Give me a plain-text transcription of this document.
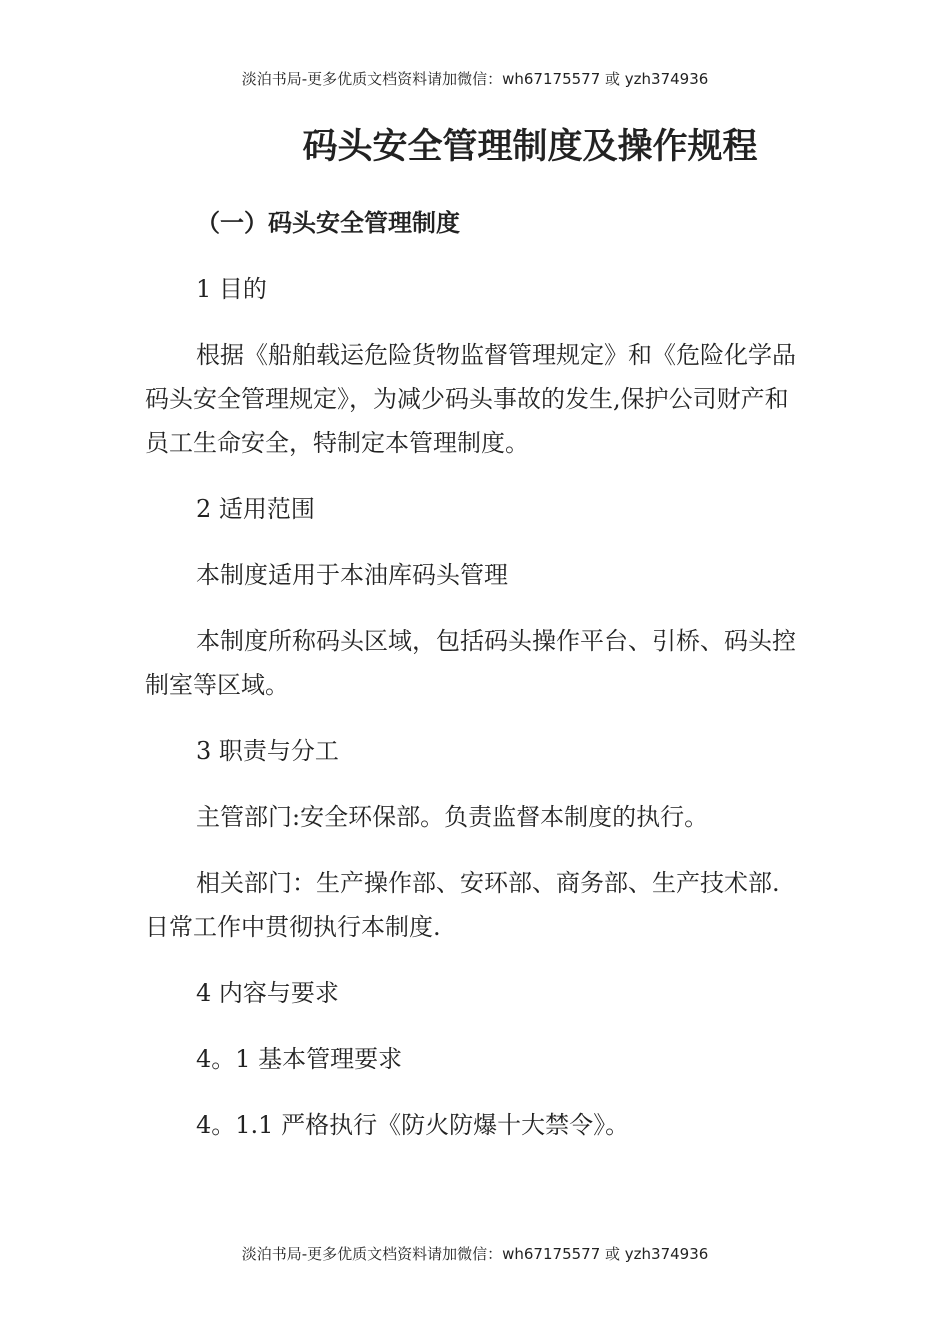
淡泊书局-更多优质文档资料请加微信：wh67175577 或 yzh374936
码头安全管理制度及操作规程
（一）码头安全管理制度

1 目的

根据《船舶载运危险货物监督管理规定》和《危险化学品码头安全管理规定》，为减少码头事故的发生,保护公司财产和员工生命安全，特制定本管理制度。

2 适用范围

本制度适用于本油库码头管理

本制度所称码头区域，包括码头操作平台、引桥、码头控制室等区域。

3 职责与分工

主管部门:安全环保部。负责监督本制度的执行。

相关部门：生产操作部、安环部、商务部、生产技术部.日常工作中贯彻执行本制度.

4 内容与要求

4。1 基本管理要求

4。1.1 严格执行《防火防爆十大禁令》。

淡泊书局-更多优质文档资料请加微信：wh67175577 或 yzh374936
